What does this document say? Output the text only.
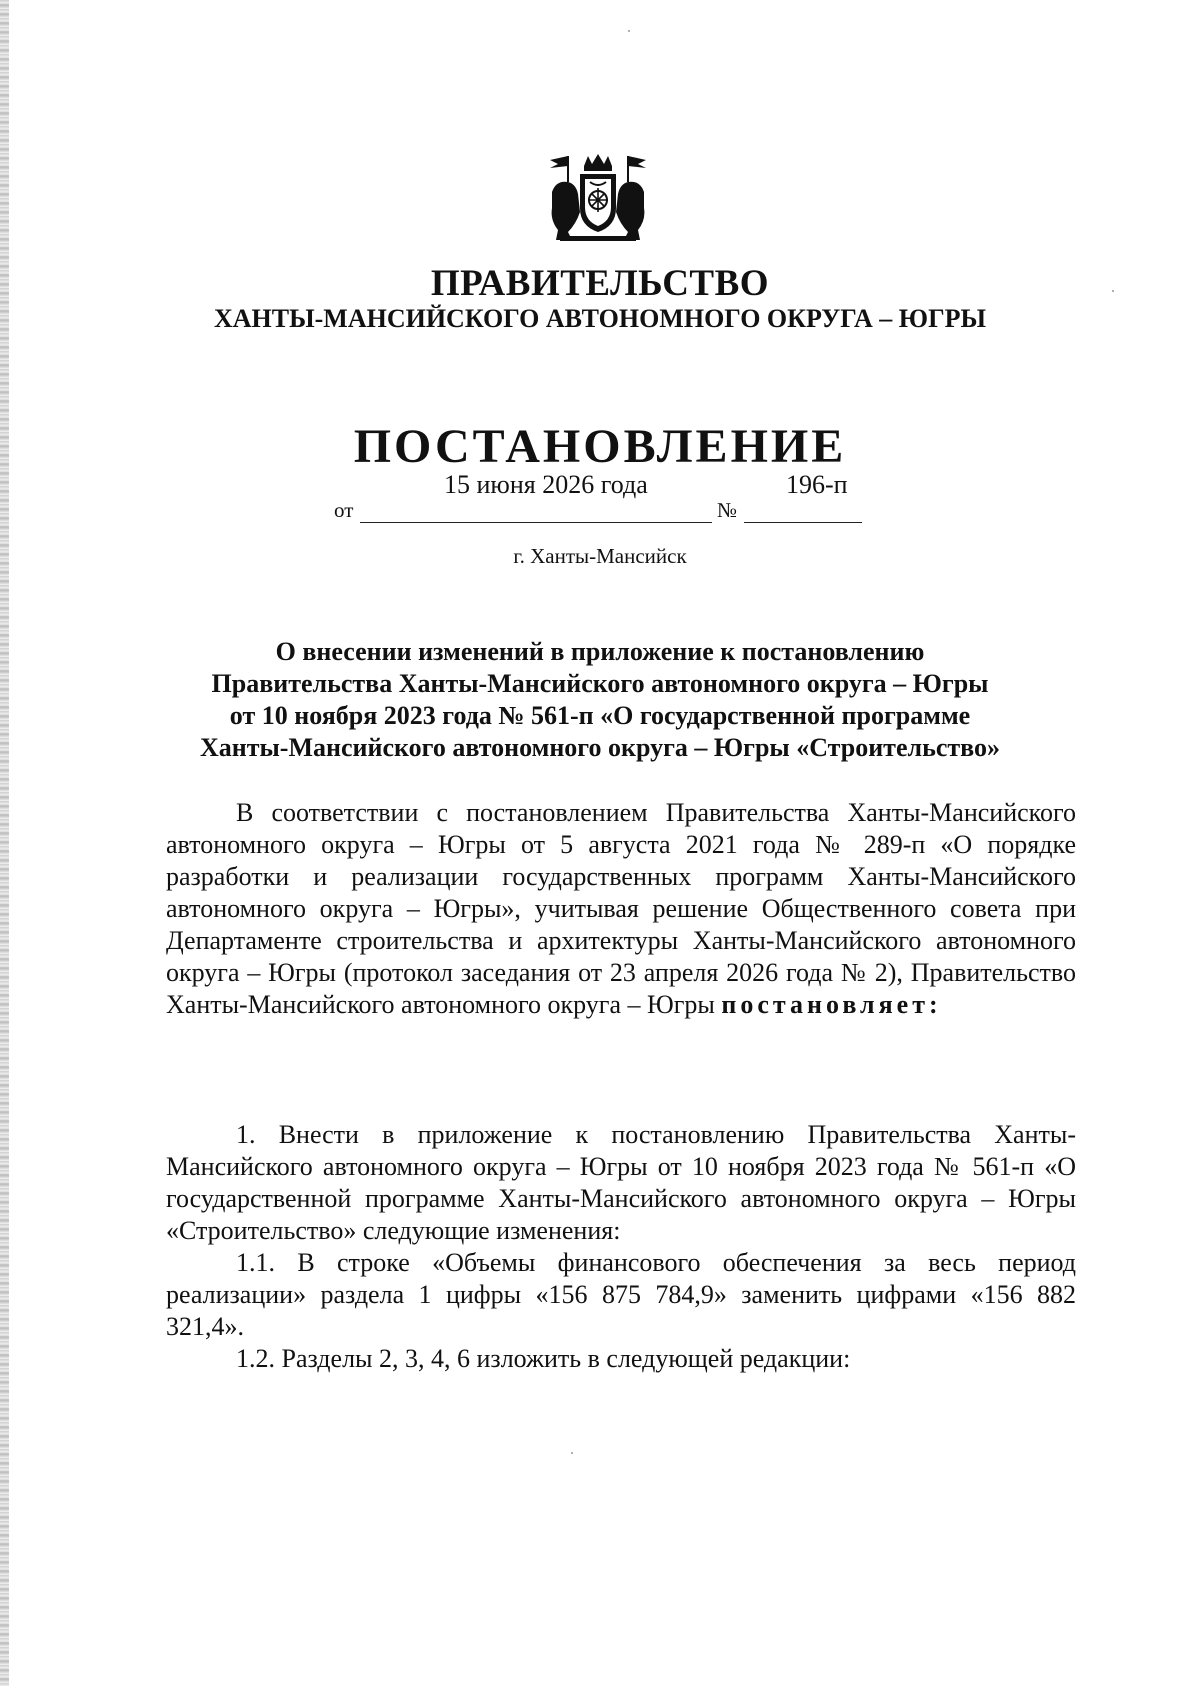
ПРАВИТЕЛЬСТВО
ХАНТЫ-МАНСИЙСКОГО АВТОНОМНОГО ОКРУГА – ЮГРЫ
ПОСТАНОВЛЕНИЕ
от
15 июня 2026 года
№
196-п
г. Ханты-Мансийск
О внесении изменений в приложение к постановлению
Правительства Ханты-Мансийского автономного округа – Югры
от 10 ноября 2023 года № 561-п «О государственной программе
Ханты-Мансийского автономного округа – Югры «Строительство»

В соответствии с постановлением Правительства Ханты-Мансийского автономного округа – Югры от 5 августа 2021 года № 289-п «О порядке разработки и реализации государственных программ Ханты-Мансийского автономного округа – Югры», учитывая решение Общественного совета при Департаменте строительства и архитектуры Ханты-Мансийского автономного округа – Югры (протокол заседания от 23 апреля 2026 года № 2), Правительство Ханты-Мансийского автономного округа – Югры постановляет:

1. Внести в приложение к постановлению Правительства Ханты-Мансийского автономного округа – Югры от 10 ноября 2023 года № 561-п «О государственной программе Ханты-Мансийского автономного округа – Югры «Строительство» следующие изменения:

1.1. В строке «Объемы финансового обеспечения за весь период реализации» раздела 1 цифры «156 875 784,9» заменить цифрами «156 882 321,4».

1.2. Разделы 2, 3, 4, 6 изложить в следующей редакции:
